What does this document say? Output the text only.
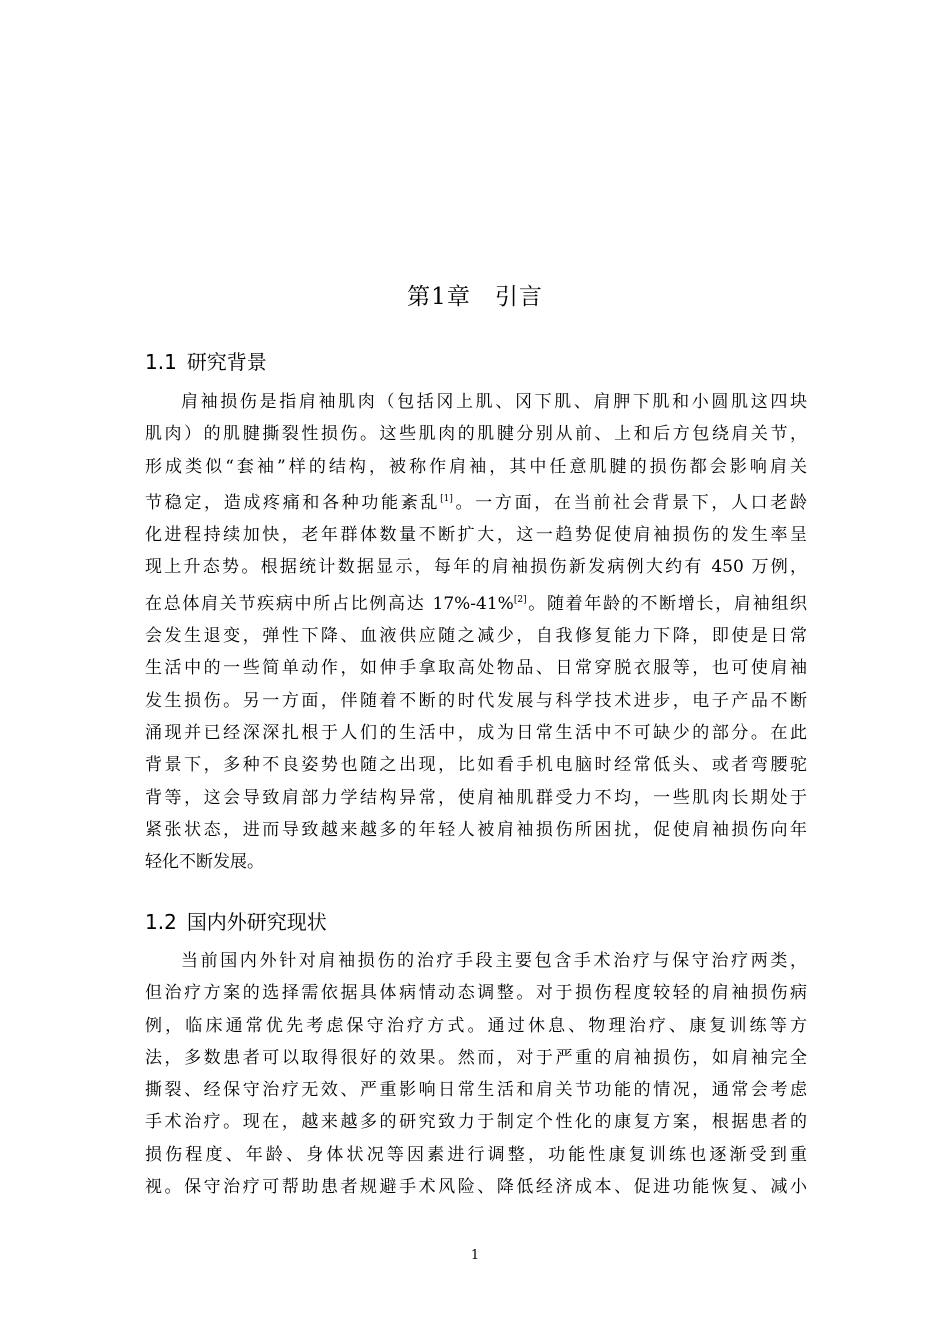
第1章 引言
1.1 研究背景
肩袖损伤是指肩袖肌肉（包括冈上肌、冈下肌、肩胛下肌和小圆肌这四块
肌肉）的肌腱撕裂性损伤。这些肌肉的肌腱分别从前、上和后方包绕肩关节，
形成类似“套袖”样的结构，被称作肩袖，其中任意肌腱的损伤都会影响肩关
节稳定，造成疼痛和各种功能紊乱[1]。一方面，在当前社会背景下，人口老龄
化进程持续加快，老年群体数量不断扩大，这一趋势促使肩袖损伤的发生率呈
现上升态势。根据统计数据显示，每年的肩袖损伤新发病例大约有 450 万例，
在总体肩关节疾病中所占比例高达 17%-41%[2]。随着年龄的不断增长，肩袖组织
会发生退变，弹性下降、血液供应随之减少，自我修复能力下降，即使是日常
生活中的一些简单动作，如伸手拿取高处物品、日常穿脱衣服等，也可使肩袖
发生损伤。另一方面，伴随着不断的时代发展与科学技术进步，电子产品不断
涌现并已经深深扎根于人们的生活中，成为日常生活中不可缺少的部分。在此
背景下，多种不良姿势也随之出现，比如看手机电脑时经常低头、或者弯腰驼
背等，这会导致肩部力学结构异常，使肩袖肌群受力不均，一些肌肉长期处于
紧张状态，进而导致越来越多的年轻人被肩袖损伤所困扰，促使肩袖损伤向年
轻化不断发展。
1.2 国内外研究现状
当前国内外针对肩袖损伤的治疗手段主要包含手术治疗与保守治疗两类，
但治疗方案的选择需依据具体病情动态调整。对于损伤程度较轻的肩袖损伤病
例，临床通常优先考虑保守治疗方式。通过休息、物理治疗、康复训练等方
法，多数患者可以取得很好的效果。然而，对于严重的肩袖损伤，如肩袖完全
撕裂、经保守治疗无效、严重影响日常生活和肩关节功能的情况，通常会考虑
手术治疗。现在，越来越多的研究致力于制定个性化的康复方案，根据患者的
损伤程度、年龄、身体状况等因素进行调整，功能性康复训练也逐渐受到重
视。保守治疗可帮助患者规避手术风险、降低经济成本、促进功能恢复、减小
1
